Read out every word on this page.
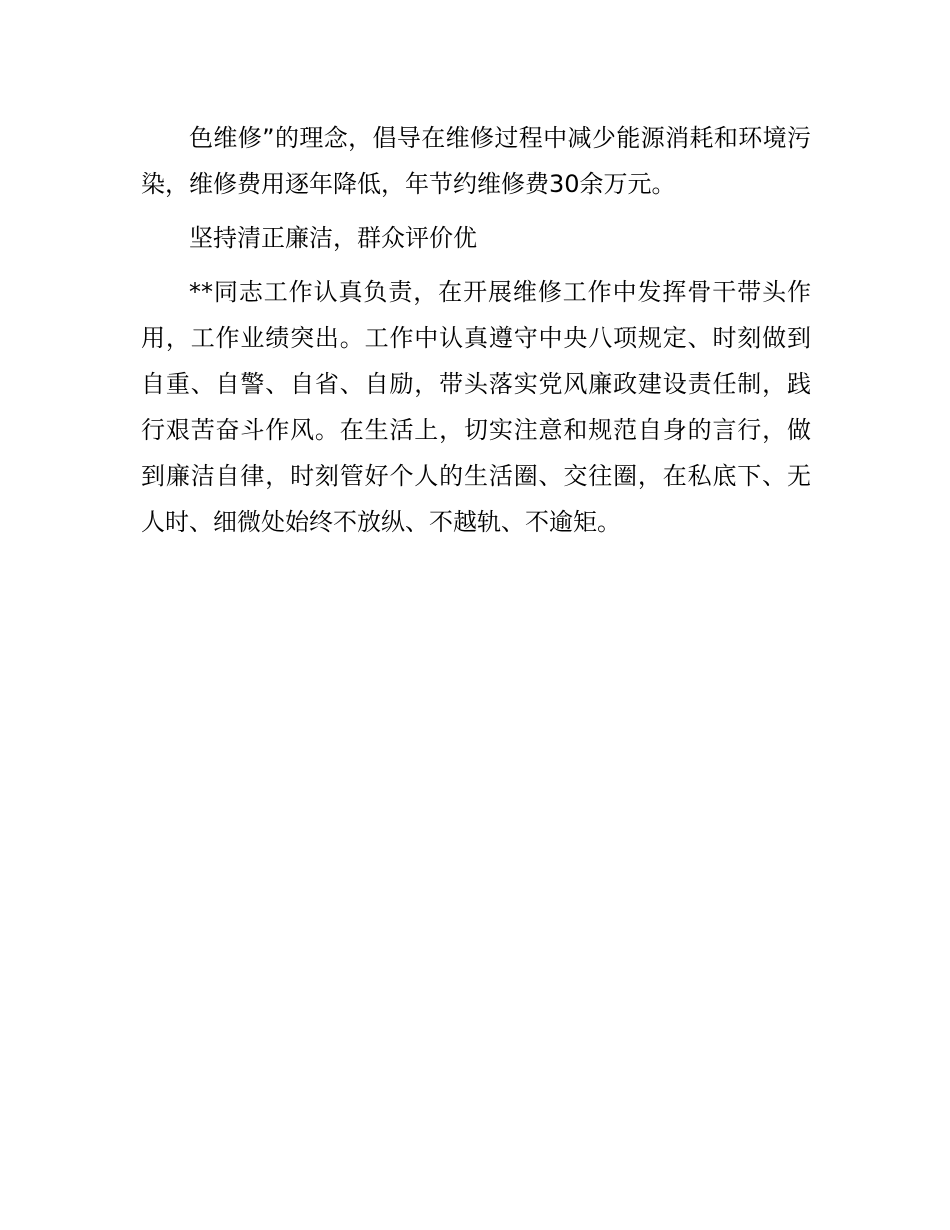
色维修”的理念，倡导在维修过程中减少能源消耗和环境污染，维修费用逐年降低，年节约维修费30余万元。

坚持清正廉洁，群众评价优

**同志工作认真负责，在开展维修工作中发挥骨干带头作用，工作业绩突出。工作中认真遵守中央八项规定、时刻做到自重、自警、自省、自励，带头落实党风廉政建设责任制，践行艰苦奋斗作风。在生活上，切实注意和规范自身的言行，做到廉洁自律，时刻管好个人的生活圈、交往圈，在私底下、无人时、细微处始终不放纵、不越轨、不逾矩。
